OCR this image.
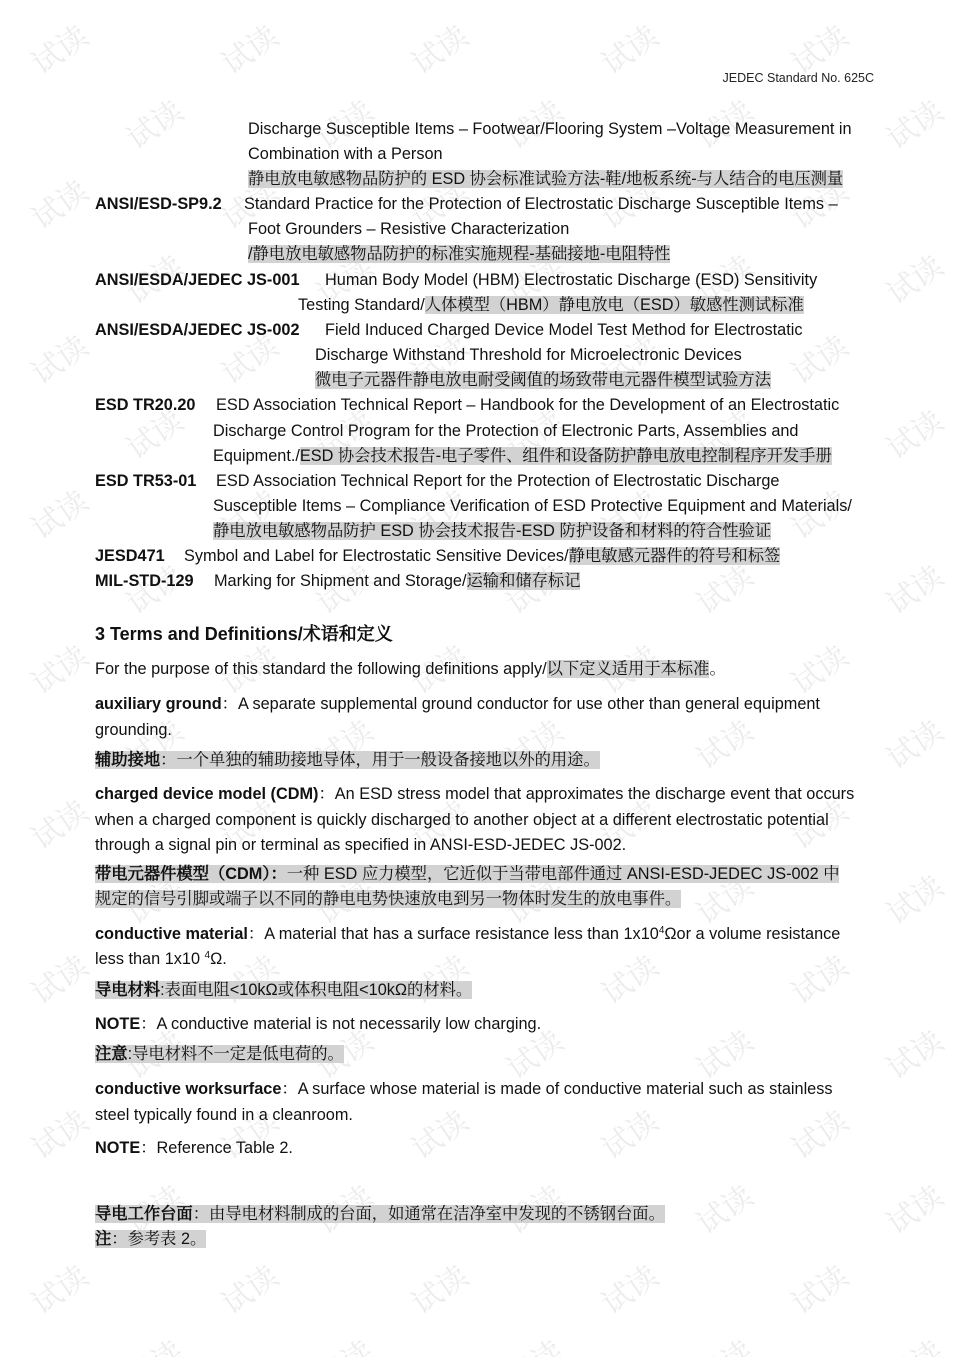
JEDEC Standard No. 625C
Discharge Susceptible Items – Footwear/Flooring System –Voltage Measurement in
Combination with a Person
静电放电敏感物品防护的 ESD 协会标准试验方法-鞋/地板系统-与人结合的电压测量
ANSI/ESD-SP9.2 Standard Practice for the Protection of Electrostatic Discharge Susceptible Items –
Foot Grounders – Resistive Characterization
/静电放电敏感物品防护的标准实施规程-基础接地-电阻特性
ANSI/ESDA/JEDEC JS-001 Human Body Model (HBM) Electrostatic Discharge (ESD) Sensitivity
Testing Standard/人体模型（HBM）静电放电（ESD）敏感性测试标准
ANSI/ESDA/JEDEC JS-002 Field Induced Charged Device Model Test Method for Electrostatic
Discharge Withstand Threshold for Microelectronic Devices
微电子元器件静电放电耐受阈值的场致带电元器件模型试验方法
ESD TR20.20 ESD Association Technical Report – Handbook for the Development of an Electrostatic
Discharge Control Program for the Protection of Electronic Parts, Assemblies and
Equipment./ESD 协会技术报告-电子零件、组件和设备防护静电放电控制程序开发手册
ESD TR53-01 ESD Association Technical Report for the Protection of Electrostatic Discharge
Susceptible Items – Compliance Verification of ESD Protective Equipment and Materials/
静电放电敏感物品防护 ESD 协会技术报告-ESD 防护设备和材料的符合性验证
JESD471 Symbol and Label for Electrostatic Sensitive Devices/静电敏感元器件的符号和标签
MIL-STD-129 Marking for Shipment and Storage/运输和储存标记
3 Terms and Definitions/术语和定义
For the purpose of this standard the following definitions apply/以下定义适用于本标准。
auxiliary ground：A separate supplemental ground conductor for use other than general equipment
grounding.
辅助接地：一个单独的辅助接地导体，用于一般设备接地以外的用途。
charged device model (CDM)：An ESD stress model that approximates the discharge event that occurs
when a charged component is quickly discharged to another object at a different electrostatic potential
through a signal pin or terminal as specified in ANSI-ESD-JEDEC JS-002.
带电元器件模型（CDM）：一种 ESD 应力模型，它近似于当带电部件通过 ANSI-ESD-JEDEC JS-002 中
规定的信号引脚或端子以不同的静电电势快速放电到另一物体时发生的放电事件。
conductive material：A material that has a surface resistance less than $1x10^4\Omega or$ a volume resistance
less than 1x10 $^4$Ω.
导电材料:表面电阻<10kΩ或体积电阻<10kΩ的材料。
NOTE：A conductive material is not necessarily low charging.
注意:导电材料不一定是低电荷的。
conductive worksurface：A surface whose material is made of conductive material such as stainless
steel typically found in a cleanroom.
NOTE：Reference Table 2.
导电工作台面：由导电材料制成的台面，如通常在洁净室中发现的不锈钢台面。
注：参考表 2。
